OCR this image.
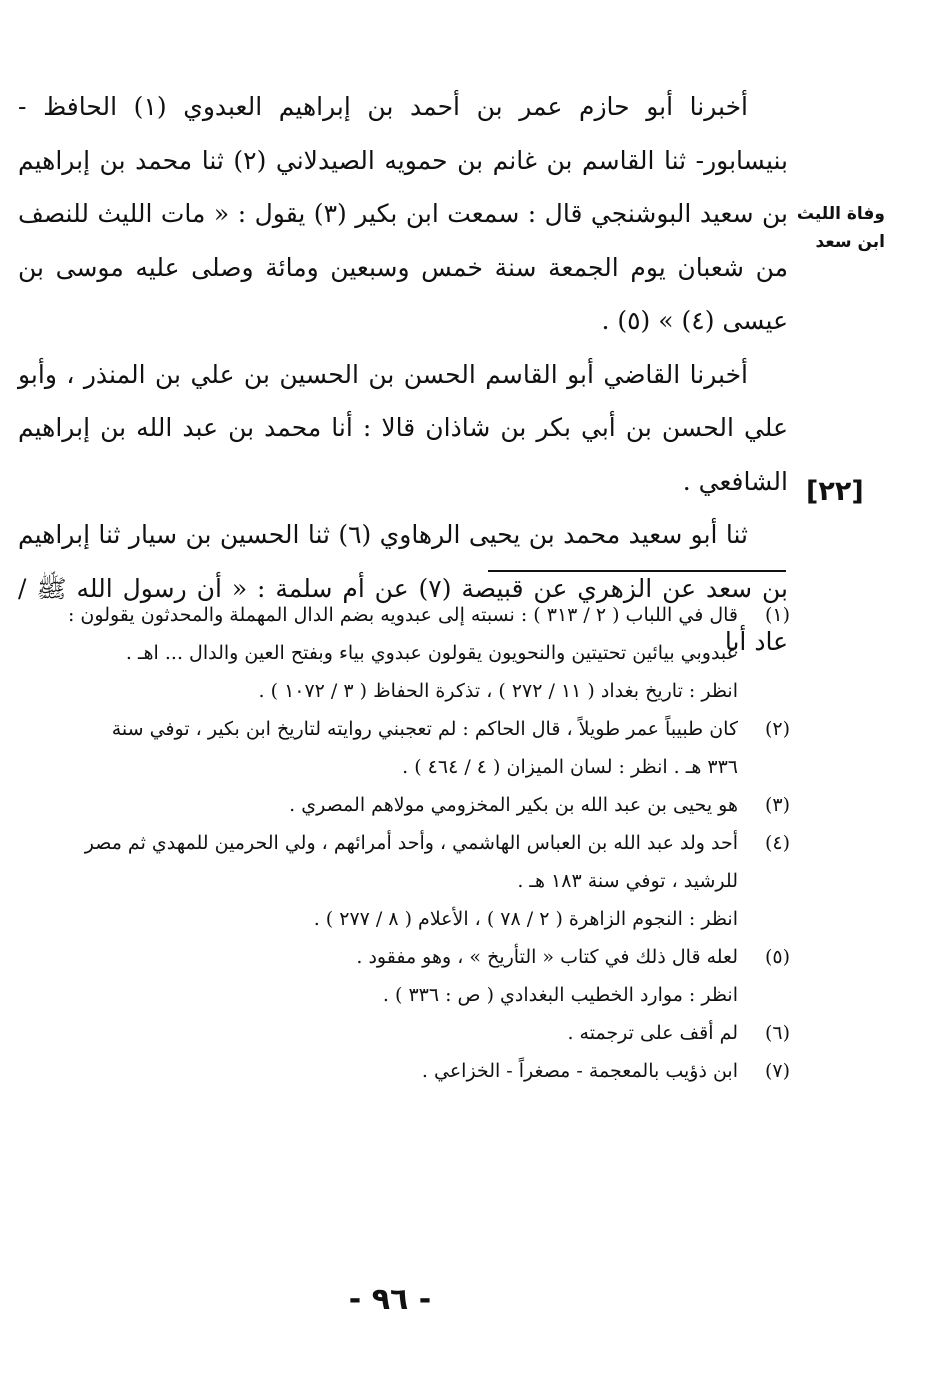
أخبرنا أبو حازم عمر بن أحمد بن إبراهيم العبدوي (١) الحافظ - بنيسابور- ثنا القاسم بن غانم بن حمويه الصيدلاني (٢) ثنا محمد بن إبراهيم بن سعيد البوشنجي قال : سمعت ابن بكير (٣) يقول : « مات الليث للنصف من شعبان يوم الجمعة سنة خمس وسبعين ومائة وصلى عليه موسى بن عيسى (٤) » (٥) .

أخبرنا القاضي أبو القاسم الحسن بن الحسين بن علي بن المنذر ، وأبو علي الحسن بن أبي بكر بن شاذان قالا : أنا محمد بن عبد الله بن إبراهيم الشافعي .

ثنا أبو سعيد محمد بن يحيى الرهاوي (٦) ثنا الحسين بن سيار ثنا إبراهيم بن سعد عن الزهري عن قبيصة (٧) عن أم سلمة : « أن رسول الله ﷺ / عاد أبا

وفاة الليث
ابن سعد
[٢٢]
(١)
قال في اللباب ( ٢ / ٣١٣ ) : نسبته إلى عبدويه بضم الدال المهملة والمحدثون يقولون :
عبدوبي بيائين تحتيتين والنحويون يقولون عبدوي بياء وبفتح العين والدال ... اهـ .
انظر : تاريخ بغداد ( ١١ / ٢٧٢ ) ، تذكرة الحفاظ ( ٣ / ١٠٧٢ ) .
(٢)
كان طبيباً عمر طويلاً ، قال الحاكم : لم تعجبني روايته لتاريخ ابن بكير ، توفي سنة
٣٣٦ هـ . انظر : لسان الميزان ( ٤ / ٤٦٤ ) .
(٣)
هو يحيى بن عبد الله بن بكير المخزومي مولاهم المصري .
(٤)
أحد ولد عبد الله بن العباس الهاشمي ، وأحد أمرائهم ، ولي الحرمين للمهدي ثم مصر
للرشيد ، توفي سنة ١٨٣ هـ .
انظر : النجوم الزاهرة ( ٢ / ٧٨ ) ، الأعلام ( ٨ / ٢٧٧ ) .
(٥)
لعله قال ذلك في كتاب « التأريخ » ، وهو مفقود .
انظر : موارد الخطيب البغدادي ( ص : ٣٣٦ ) .
(٦)
لم أقف على ترجمته .
(٧)
ابن ذؤيب بالمعجمة - مصغراً - الخزاعي .
- ٩٦ -
